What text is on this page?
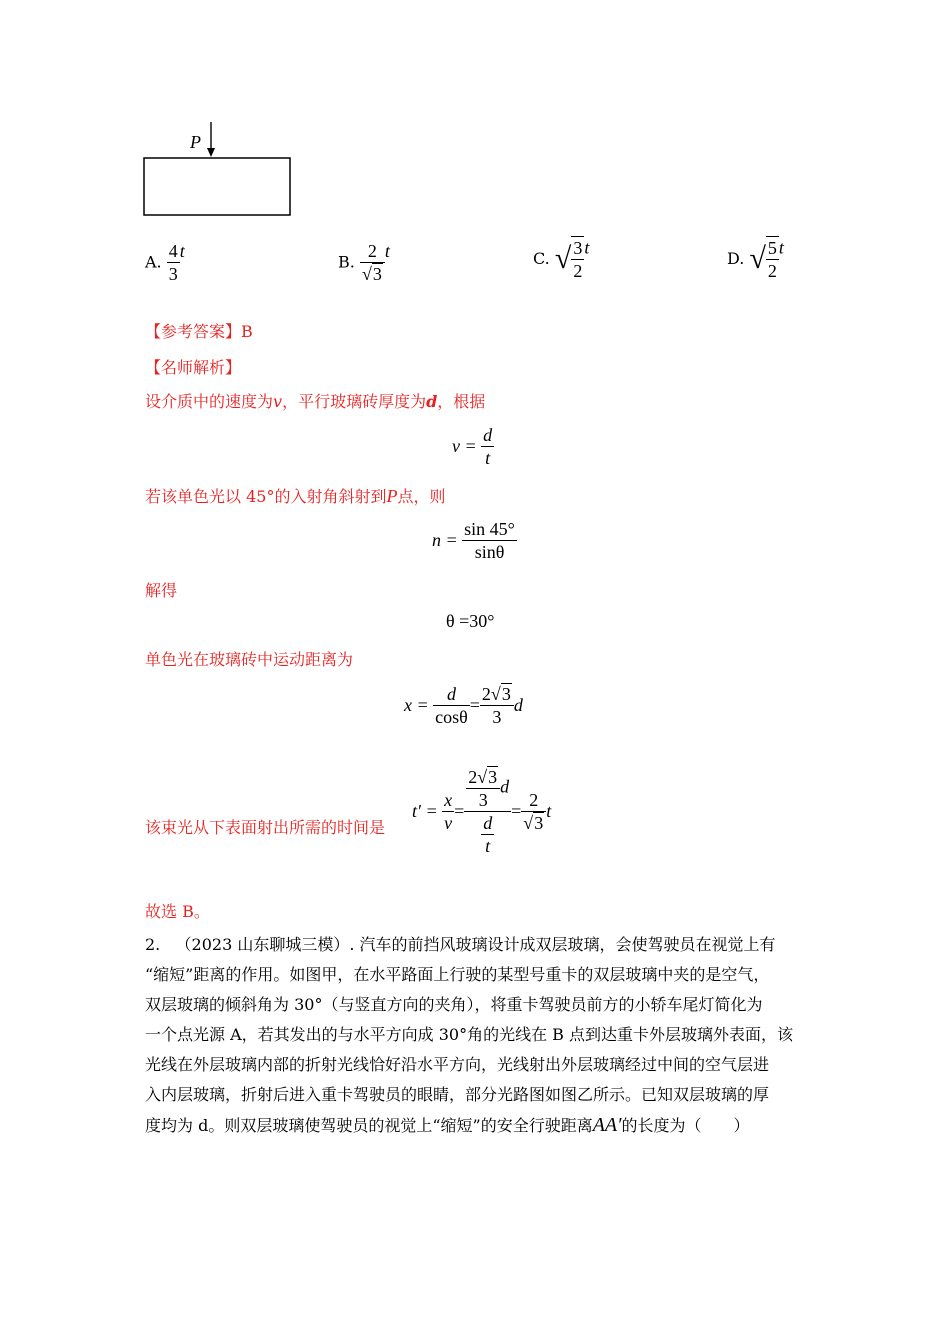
P
A. $\frac{4}{3}$ t
B. $\frac{2}{√3}$ t	C. √ $\frac{3}{2}$ t
D. √ $\frac{5}{2}$ t
【参考答案】B
【名师解析】
设介质中的速度为v，平行玻璃砖厚度为d，根据
$v = \frac{d}{t}$
若该单色光以 45°的入射角斜射到P点，则
$n = \frac{\sin 45^\circ}{\sin\theta}$
解得
θ =30°
单色光在玻璃砖中运动距离为
$x = \frac{d}{\cos\theta} = \frac{2√3}{3}$ d
该束光从下表面射出所需的时间是
$t' = \frac{x}{v} = \frac{\frac{2√3}{3} d}{\frac{d}{t}} = \frac{2}{√3}$ t
故选 B。
2. （2023 山东聊城三模）. 汽车的前挡风玻璃设计成双层玻璃，会使驾驶员在视觉上有
“缩短”距离的作用。如图甲，在水平路面上行驶的某型号重卡的双层玻璃中夹的是空气，
双层玻璃的倾斜角为 30°（与竖直方向的夹角），将重卡驾驶员前方的小轿车尾灯简化为
一个点光源 A，若其发出的与水平方向成 30°角的光线在 B 点到达重卡外层玻璃外表面，该
光线在外层玻璃内部的折射光线恰好沿水平方向，光线射出外层玻璃经过中间的空气层进
入内层玻璃，折射后进入重卡驾驶员的眼睛，部分光路图如图乙所示。已知双层玻璃的厚
度均为 d。则双层玻璃使驾驶员的视觉上“缩短”的安全行驶距离AA′的长度为（　　）
